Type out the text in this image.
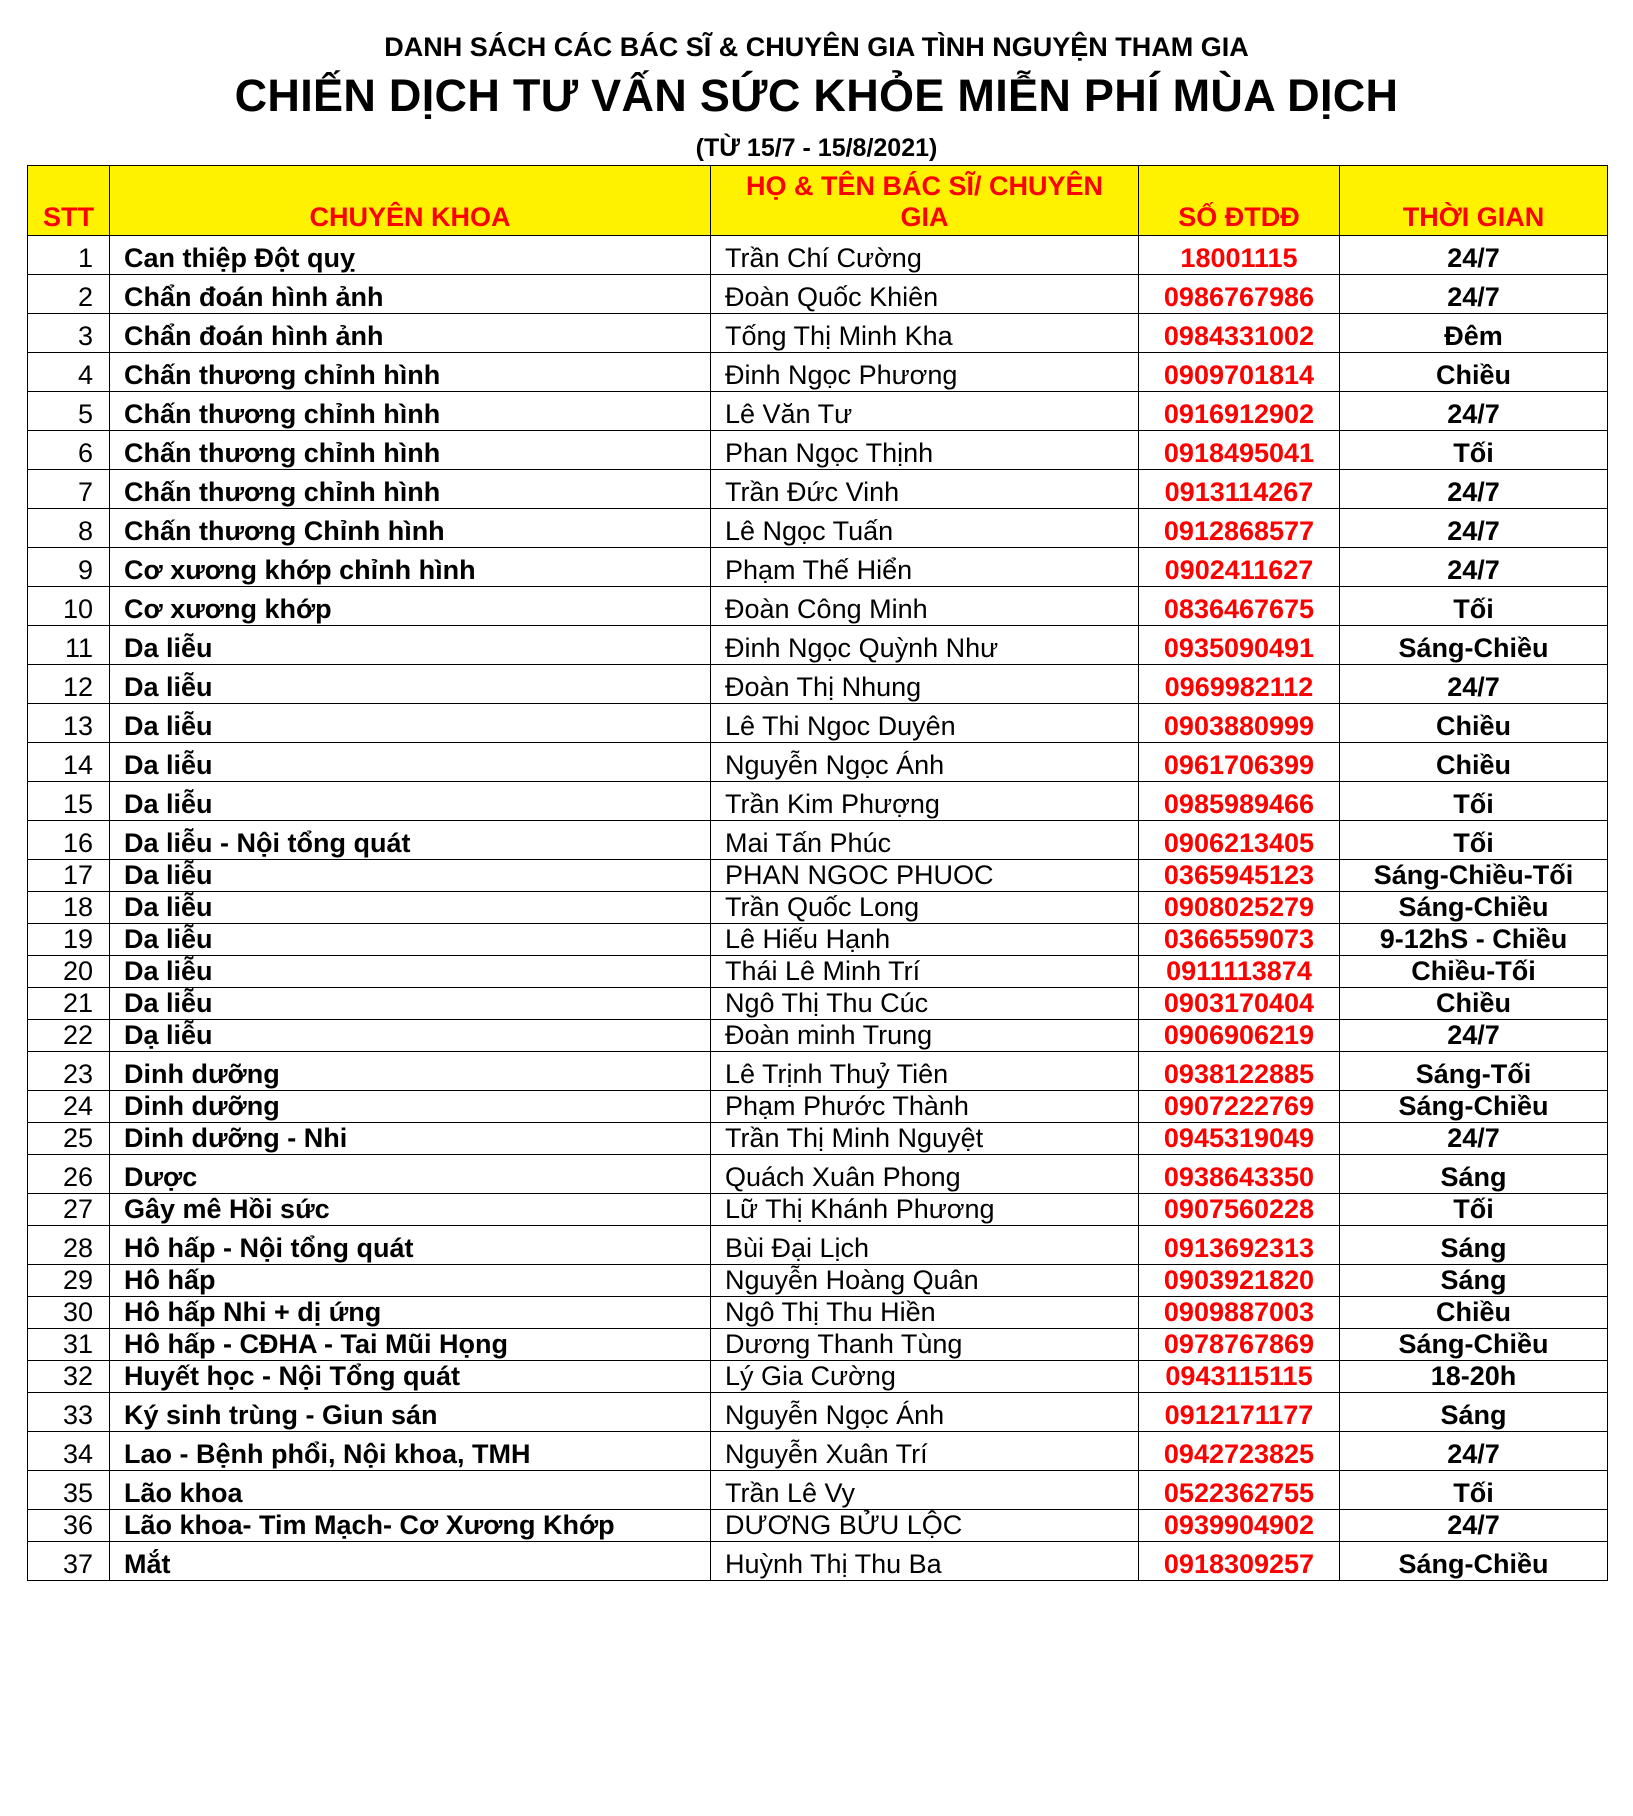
DANH SÁCH CÁC BÁC SĨ & CHUYÊN GIA TÌNH NGUYỆN THAM GIA
CHIẾN DỊCH TƯ VẤN SỨC KHỎE MIỄN PHÍ MÙA DỊCH
(TỪ 15/7 - 15/8/2021)
STT	CHUYÊN KHOA	HỌ & TÊN BÁC SĨ/ CHUYÊN GIA	SỐ ĐTDĐ	THỜI GIAN
1	Can thiệp Đột quỵ	Trần Chí Cường	18001115	24/7
2	Chẩn đoán hình ảnh	Đoàn Quốc Khiên	0986767986	24/7
3	Chẩn đoán hình ảnh	Tống Thị Minh Kha	0984331002	Đêm
4	Chấn thương chỉnh hình	Đinh Ngọc Phương	0909701814	Chiều
5	Chấn thương chỉnh hình	Lê Văn Tư	0916912902	24/7
6	Chấn thương chỉnh hình	Phan Ngọc Thịnh	0918495041	Tối
7	Chấn thương chỉnh hình	Trần Đức Vinh	0913114267	24/7
8	Chấn thương Chỉnh hình	Lê Ngọc Tuấn	0912868577	24/7
9	Cơ xương khớp chỉnh hình	Phạm Thế Hiển	0902411627	24/7
10	Cơ xương khớp	Đoàn Công Minh	0836467675	Tối
11	Da liễu	Đinh Ngọc Quỳnh Như	0935090491	Sáng-Chiều
12	Da liễu	Đoàn Thị Nhung	0969982112	24/7
13	Da liễu	Lê Thi Ngoc Duyên	0903880999	Chiều
14	Da liễu	Nguyễn Ngọc Ánh	0961706399	Chiều
15	Da liễu	Trần Kim Phượng	0985989466	Tối
16	Da liễu - Nội tổng quát	Mai Tấn Phúc	0906213405	Tối
17	Da liễu	PHAN NGOC PHUOC	0365945123	Sáng-Chiều-Tối
18	Da liễu	Trần Quốc Long	0908025279	Sáng-Chiều
19	Da liễu	Lê Hiếu Hạnh	0366559073	9-12hS - Chiều
20	Da liễu	Thái Lê Minh Trí	0911113874	Chiều-Tối
21	Da liễu	Ngô Thị Thu Cúc	0903170404	Chiều
22	Dạ liễu	Đoàn minh Trung	0906906219	24/7
23	Dinh dưỡng	Lê Trịnh Thuỷ Tiên	0938122885	Sáng-Tối
24	Dinh dưỡng	Phạm Phước Thành	0907222769	Sáng-Chiều
25	Dinh dưỡng - Nhi	Trần Thị Minh Nguyệt	0945319049	24/7
26	Dược	Quách Xuân Phong	0938643350	Sáng
27	Gây mê Hồi sức	Lữ Thị Khánh Phương	0907560228	Tối
28	Hô hấp - Nội tổng quát	Bùi Đại Lịch	0913692313	Sáng
29	Hô hấp	Nguyễn Hoàng Quân	0903921820	Sáng
30	Hô hấp Nhi + dị ứng	Ngô Thị Thu Hiền	0909887003	Chiều
31	Hô hấp - CĐHA - Tai Mũi Họng	Dương Thanh Tùng	0978767869	Sáng-Chiều
32	Huyết học - Nội Tổng quát	Lý Gia Cường	0943115115	18-20h
33	Ký sinh trùng - Giun sán	Nguyễn Ngọc Ánh	0912171177	Sáng
34	Lao - Bệnh phổi, Nội khoa, TMH	Nguyễn Xuân Trí	0942723825	24/7
35	Lão khoa	Trần Lê Vy	0522362755	Tối
36	Lão khoa- Tim Mạch- Cơ Xương Khớp	DƯƠNG BỬU LỘC	0939904902	24/7
37	Mắt	Huỳnh Thị Thu Ba	0918309257	Sáng-Chiều
